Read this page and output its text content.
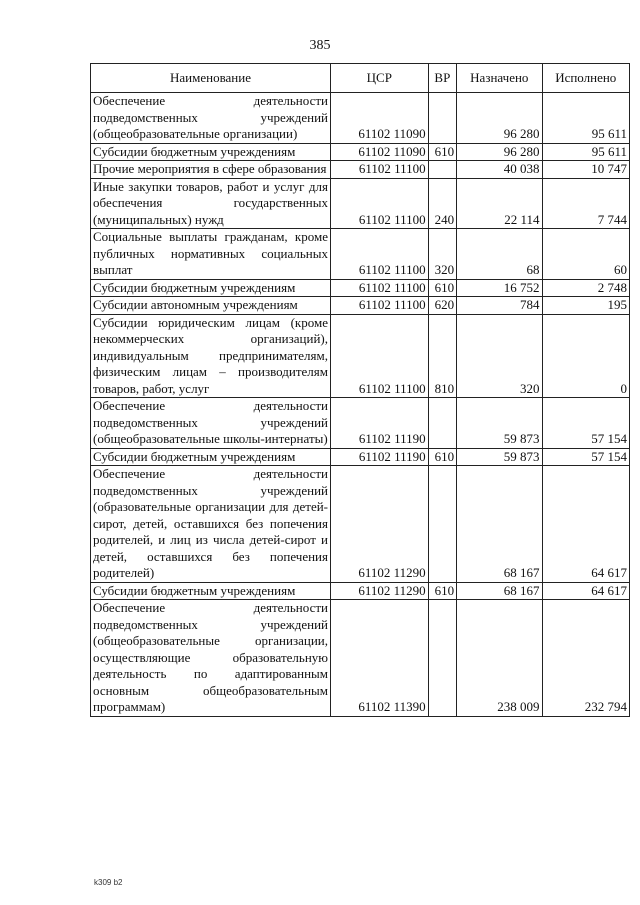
385
Наименование	ЦСР	ВР	Назначено	Исполнено
Обеспечение деятельности подведомственных учреждений (общеобразовательные организации)	61102 11090		96 280	95 611
Субсидии бюджетным учреждениям	61102 11090	610	96 280	95 611
Прочие мероприятия в сфере образования	61102 11100		40 038	10 747
Иные закупки товаров, работ и услуг для обеспечения государственных (муниципальных) нужд	61102 11100	240	22 114	7 744
Социальные выплаты гражданам, кроме публичных нормативных социальных выплат	61102 11100	320	68	60
Субсидии бюджетным учреждениям	61102 11100	610	16 752	2 748
Субсидии автономным учреждениям	61102 11100	620	784	195
Субсидии юридическим лицам (кроме некоммерческих организаций), индивидуальным предпринимателям, физическим лицам – производителям товаров, работ, услуг	61102 11100	810	320	0
Обеспечение деятельности подведомственных учреждений (общеобразовательные школы-интернаты)	61102 11190		59 873	57 154
Субсидии бюджетным учреждениям	61102 11190	610	59 873	57 154
Обеспечение деятельности подведомственных учреждений (образовательные организации для детей-сирот, детей, оставшихся без попечения родителей, и лиц из числа детей-сирот и детей, оставшихся без попечения родителей)	61102 11290		68 167	64 617
Субсидии бюджетным учреждениям	61102 11290	610	68 167	64 617
Обеспечение деятельности подведомственных учреждений (общеобразовательные организации, осуществляющие образовательную деятельность по адаптированным основным общеобразовательным программам)	61102 11390		238 009	232 794
k309 b2
